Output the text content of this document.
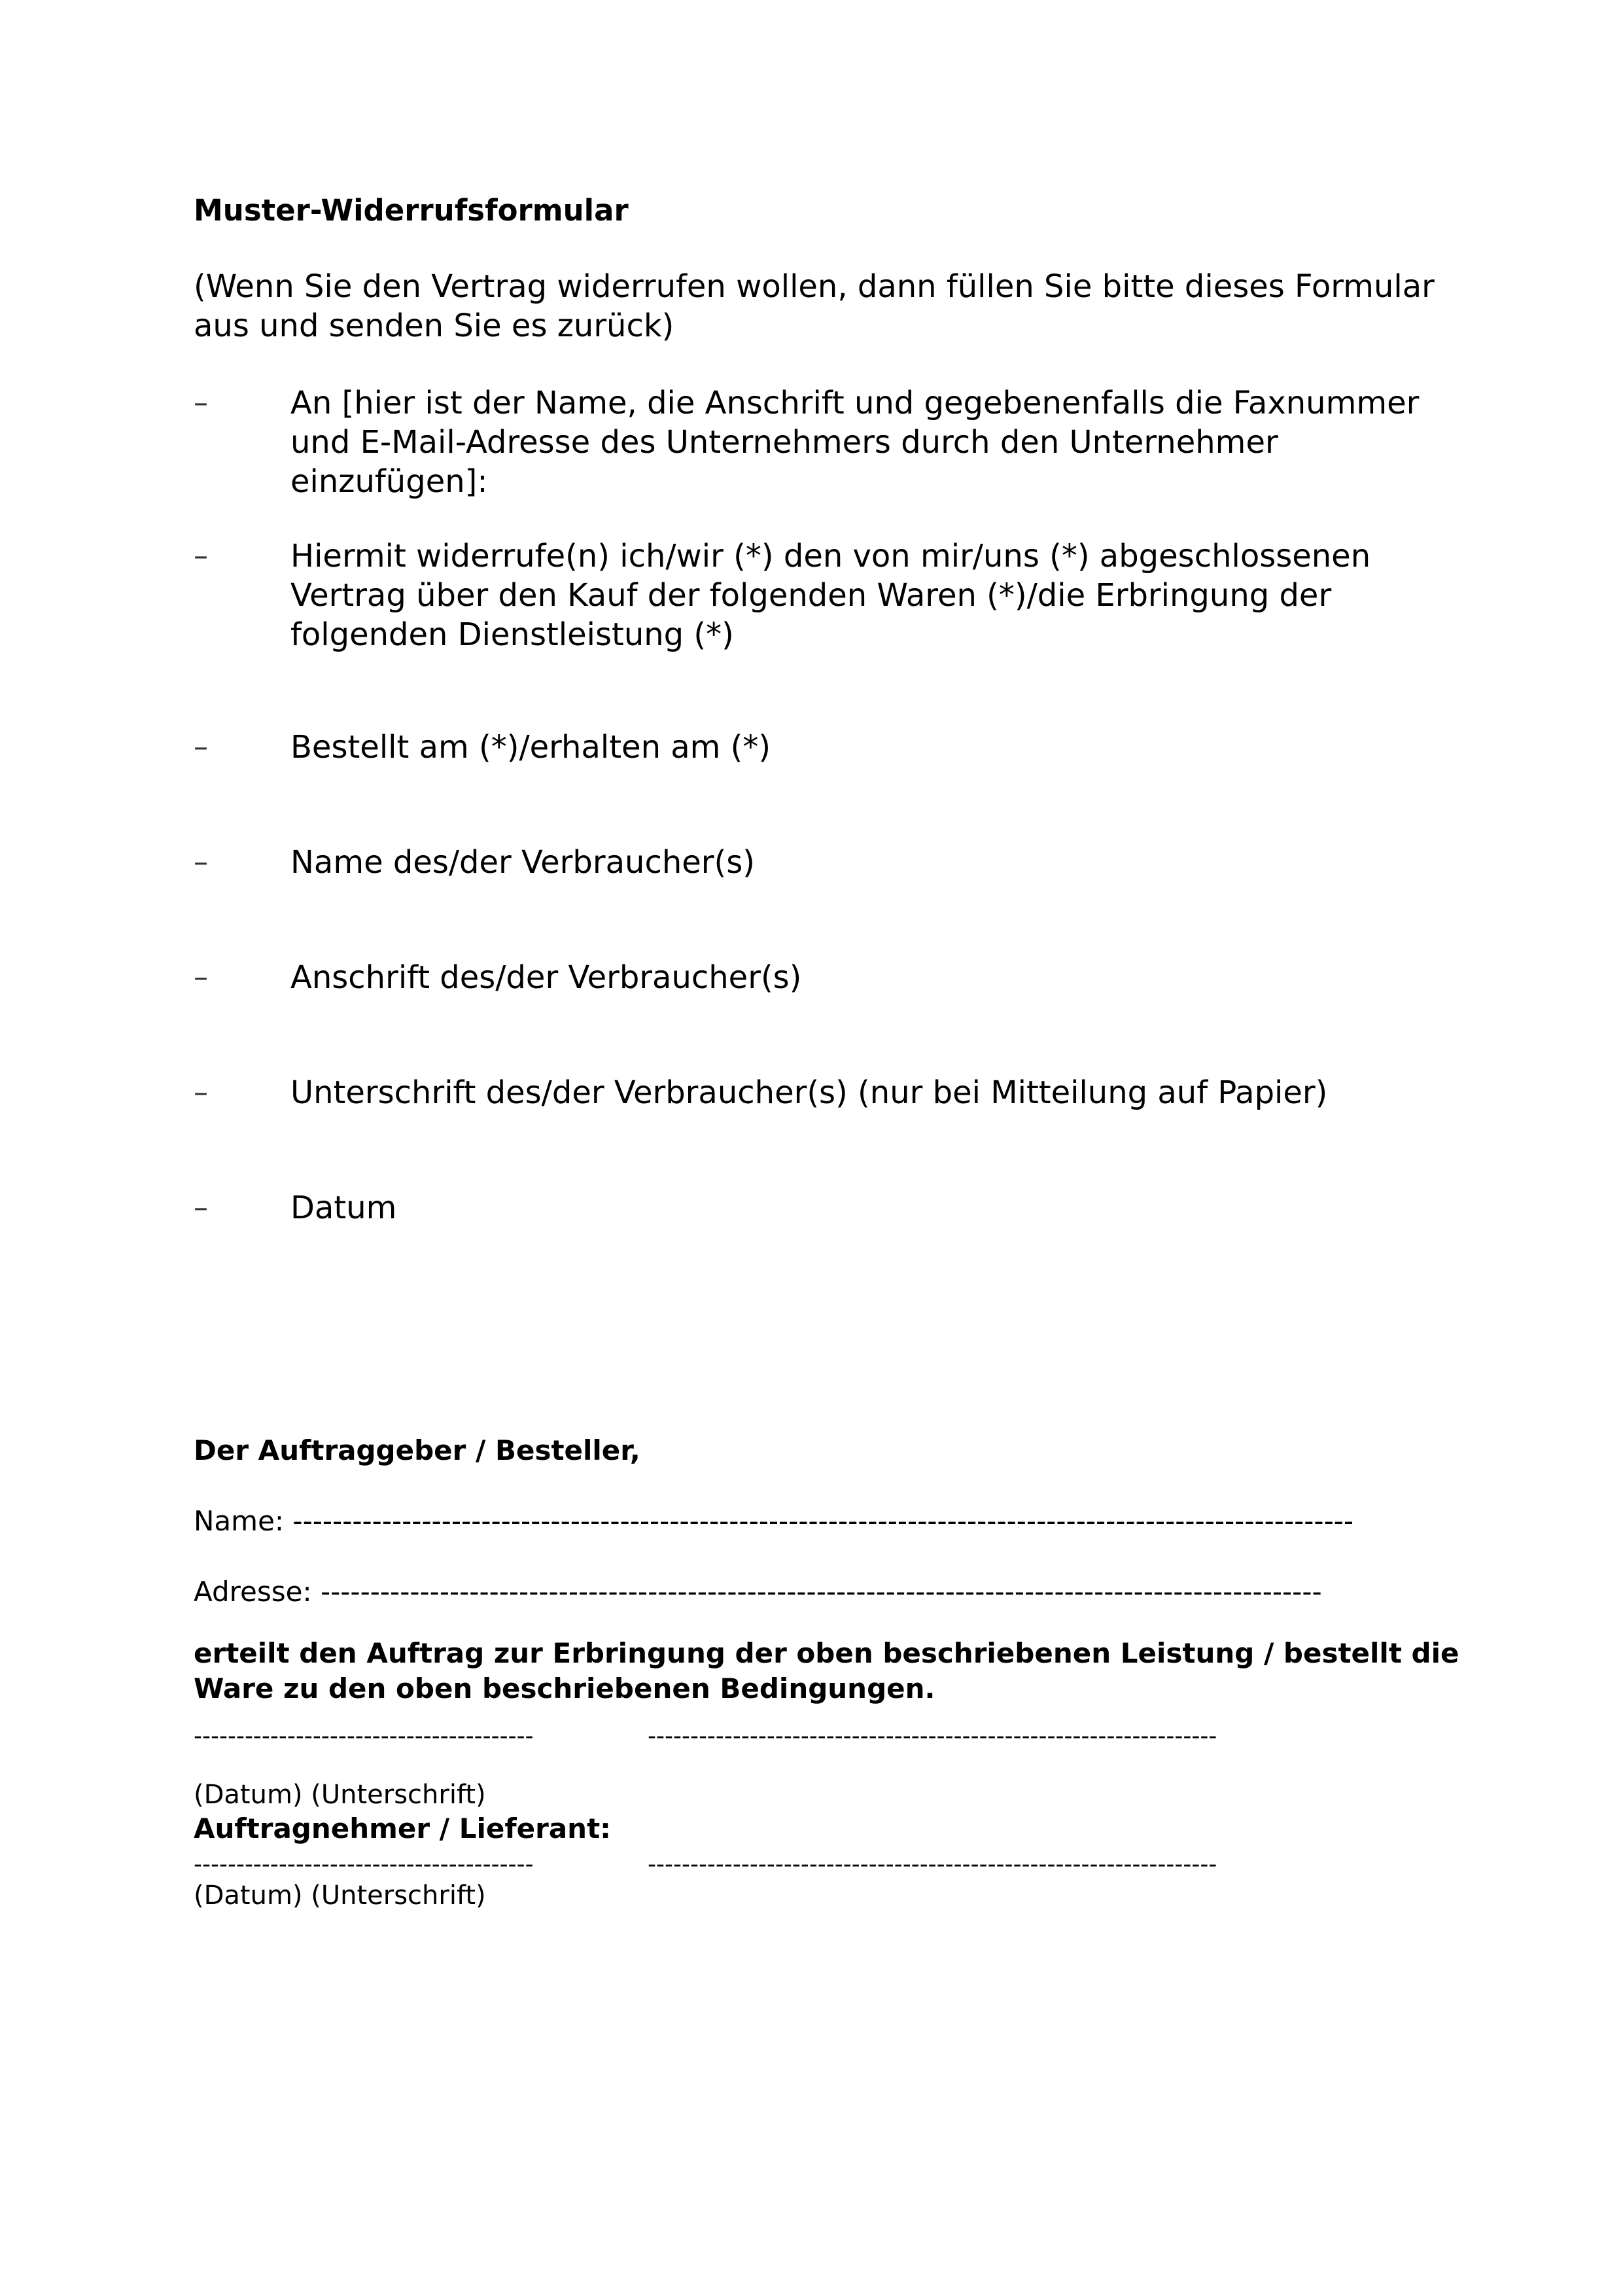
Muster-Widerrufsformular
(Wenn Sie den Vertrag widerrufen wollen, dann füllen Sie bitte dieses Formular aus und senden Sie es zurück)
–	An [hier ist der Name, die Anschrift und gegebenenfalls die Faxnummer und E-Mail-Adresse des Unternehmers durch den Unternehmer einzufügen]:
–	Hiermit widerrufe(n) ich/wir (*) den von mir/uns (*) abgeschlossenen Vertrag über den Kauf der folgenden Waren (*)/die Erbringung der folgenden Dienstleistung (*)
–	Bestellt am (*)/erhalten am (*)
–	Name des/der Verbraucher(s)
–	Anschrift des/der Verbraucher(s)
–	Unterschrift des/der Verbraucher(s) (nur bei Mitteilung auf Papier)
–	Datum
Der Auftraggeber / Besteller,
Name: -----------------------------------------------------------------------------------------------------------
Adresse: -----------------------------------------------------------------------------------------------------
erteilt den Auftrag zur Erbringung der oben beschriebenen Leistung / bestellt die Ware zu den oben beschriebenen Bedingungen.
----------------------------------------	-------------------------------------------------------------------
(Datum) (Unterschrift)
Auftragnehmer / Lieferant:
----------------------------------------	-------------------------------------------------------------------
(Datum) (Unterschrift)
